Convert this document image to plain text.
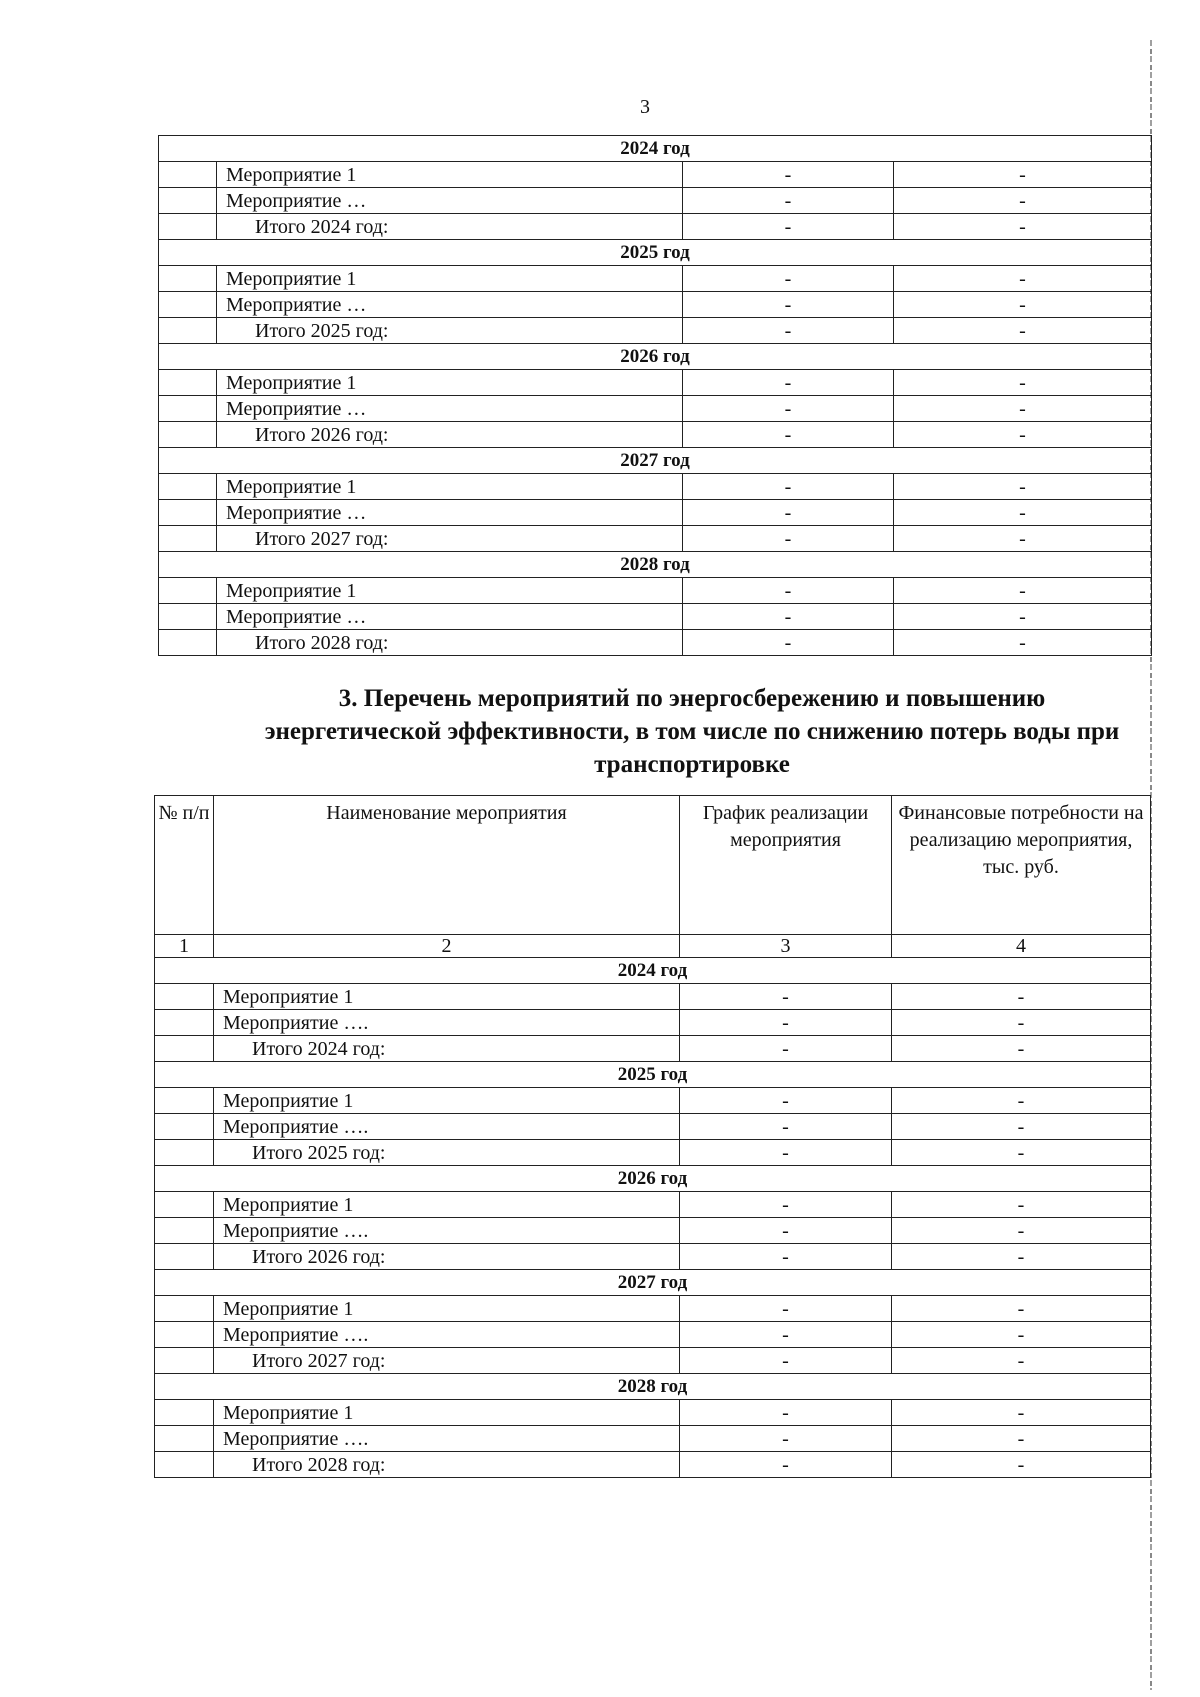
3
2024 год			
	Мероприятие 1	-	-
	Мероприятие …	-	-
	Итого 2024 год:	-	-
2025 год			
	Мероприятие 1	-	-
	Мероприятие …	-	-
	Итого 2025 год:	-	-
2026 год			
	Мероприятие 1	-	-
	Мероприятие …	-	-
	Итого 2026 год:	-	-
2027 год			
	Мероприятие 1	-	-
	Мероприятие …	-	-
	Итого 2027 год:	-	-
2028 год			
	Мероприятие 1	-	-
	Мероприятие …	-	-
	Итого 2028 год:	-	-
3. Перечень мероприятий по энергосбережению и повышению энергетической эффективности, в том числе по снижению потерь воды при транспортировке
№ п/п	Наименование мероприятия	График реализации мероприятия	Финансовые потребности на реализацию мероприятия, тыс. руб.
1	2	3	4
2024 год			
	Мероприятие 1	-	-
	Мероприятие ….	-	-
	Итого 2024 год:	-	-
2025 год			
	Мероприятие 1	-	-
	Мероприятие ….	-	-
	Итого 2025 год:	-	-
2026 год			
	Мероприятие 1	-	-
	Мероприятие ….	-	-
	Итого 2026 год:	-	-
2027 год			
	Мероприятие 1	-	-
	Мероприятие ….	-	-
	Итого 2027 год:	-	-
2028 год			
	Мероприятие 1	-	-
	Мероприятие ….	-	-
	Итого 2028 год:	-	-
